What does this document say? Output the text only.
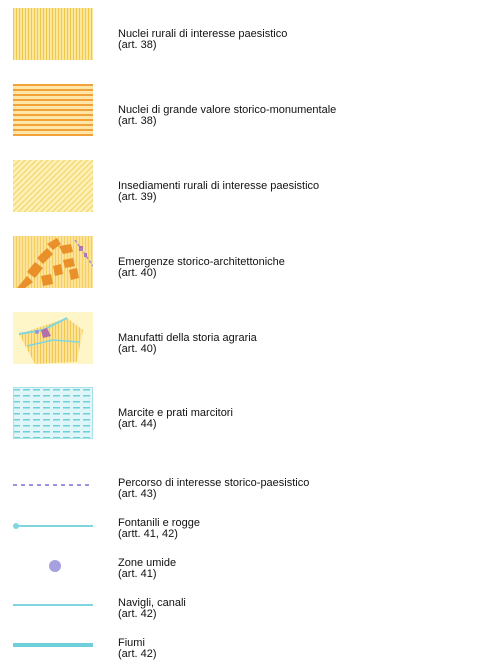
Nuclei rurali di interesse paesistico
(art. 38)
Nuclei di grande valore storico-monumentale
(art. 38)
Insediamenti rurali di interesse paesistico
(art. 39)
Emergenze storico-architettoniche
(art. 40)
Manufatti della storia agraria
(art. 40)
Marcite e prati marcitori
(art. 44)
Percorso di interesse storico-paesistico
(art. 43)
Fontanili e rogge
(artt. 41, 42)
Zone umide
(art. 41)
Navigli, canali
(art. 42)
Fiumi
(art. 42)
